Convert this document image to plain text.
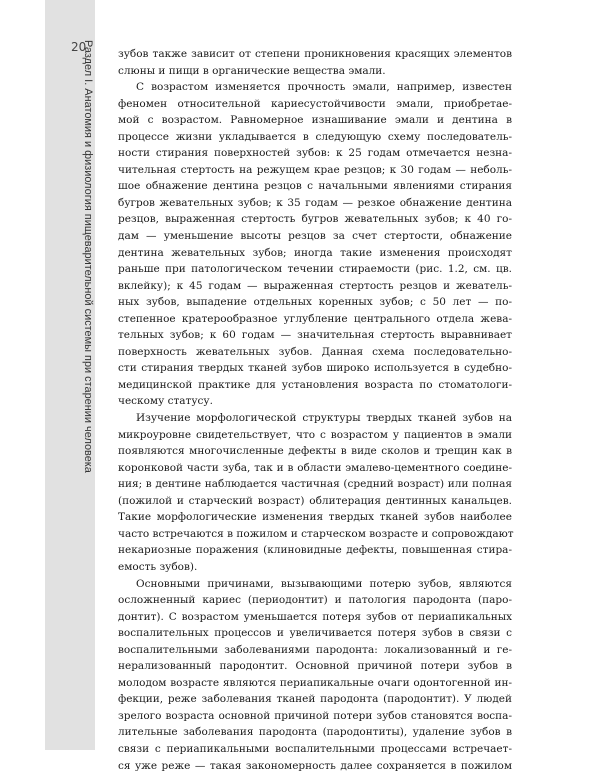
20
Раздел I. Анатомия и физиология пищеварительной системы при старении человека зубов также зависит от степени проникновения красящих элементов
слюны и пищи в органические вещества эмали.
С возрастом изменяется прочность эмали, например, известен
феномен относительной кариесустойчивости эмали, приобретае-
мой с возрастом. Равномерное изнашивание эмали и дентина в
процессе жизни укладывается в следующую схему последователь-
ности стирания поверхностей зубов: к 25 годам отмечается незна-
чительная стертость на режущем крае резцов; к 30 годам — неболь-
шое обнажение дентина резцов с начальными явлениями стирания
бугров жевательных зубов; к 35 годам — резкое обнажение дентина
резцов, выраженная стертость бугров жевательных зубов; к 40 го-
дам — уменьшение высоты резцов за счет стертости, обнажение
дентина жевательных зубов; иногда такие изменения происходят
раньше при патологическом течении стираемости (рис. 1.2, см. цв.
вклейку); к 45 годам — выраженная стертость резцов и жеватель-
ных зубов, выпадение отдельных коренных зубов; с 50 лет — по-
степенное кратерообразное углубление центрального отдела жева-
тельных зубов; к 60 годам — значительная стертость выравнивает
поверхность жевательных зубов. Данная схема последовательно-
сти стирания твердых тканей зубов широко используется в судебно-
медицинской практике для установления возраста по стоматологи-
ческому статусу.
Изучение морфологической структуры твердых тканей зубов на
микроуровне свидетельствует, что с возрастом у пациентов в эмали
появляются многочисленные дефекты в виде сколов и трещин как в
коронковой части зуба, так и в области эмалево-цементного соедине-
ния; в дентине наблюдается частичная (средний возраст) или полная
(пожилой и старческий возраст) облитерация дентинных канальцев.
Такие морфологические изменения твердых тканей зубов наиболее
часто встречаются в пожилом и старческом возрасте и сопровождают
некариозные поражения (клиновидные дефекты, повышенная стира-
емость зубов).
Основными причинами, вызывающими потерю зубов, являются
осложненный кариес (периодонтит) и патология пародонта (паро-
донтит). С возрастом уменьшается потеря зубов от периапикальных
воспалительных процессов и увеличивается потеря зубов в связи с
воспалительными заболеваниями пародонта: локализованный и ге-
нерализованный пародонтит. Основной причиной потери зубов в
молодом возрасте являются периапикальные очаги одонтогенной ин-
фекции, реже заболевания тканей пародонта (пародонтит). У людей
зрелого возраста основной причиной потери зубов становятся воспа-
лительные заболевания пародонта (пародонтиты), удаление зубов в
связи с периапикальными воспалительными процессами встречает-
ся уже реже — такая закономерность далее сохраняется в пожилом
